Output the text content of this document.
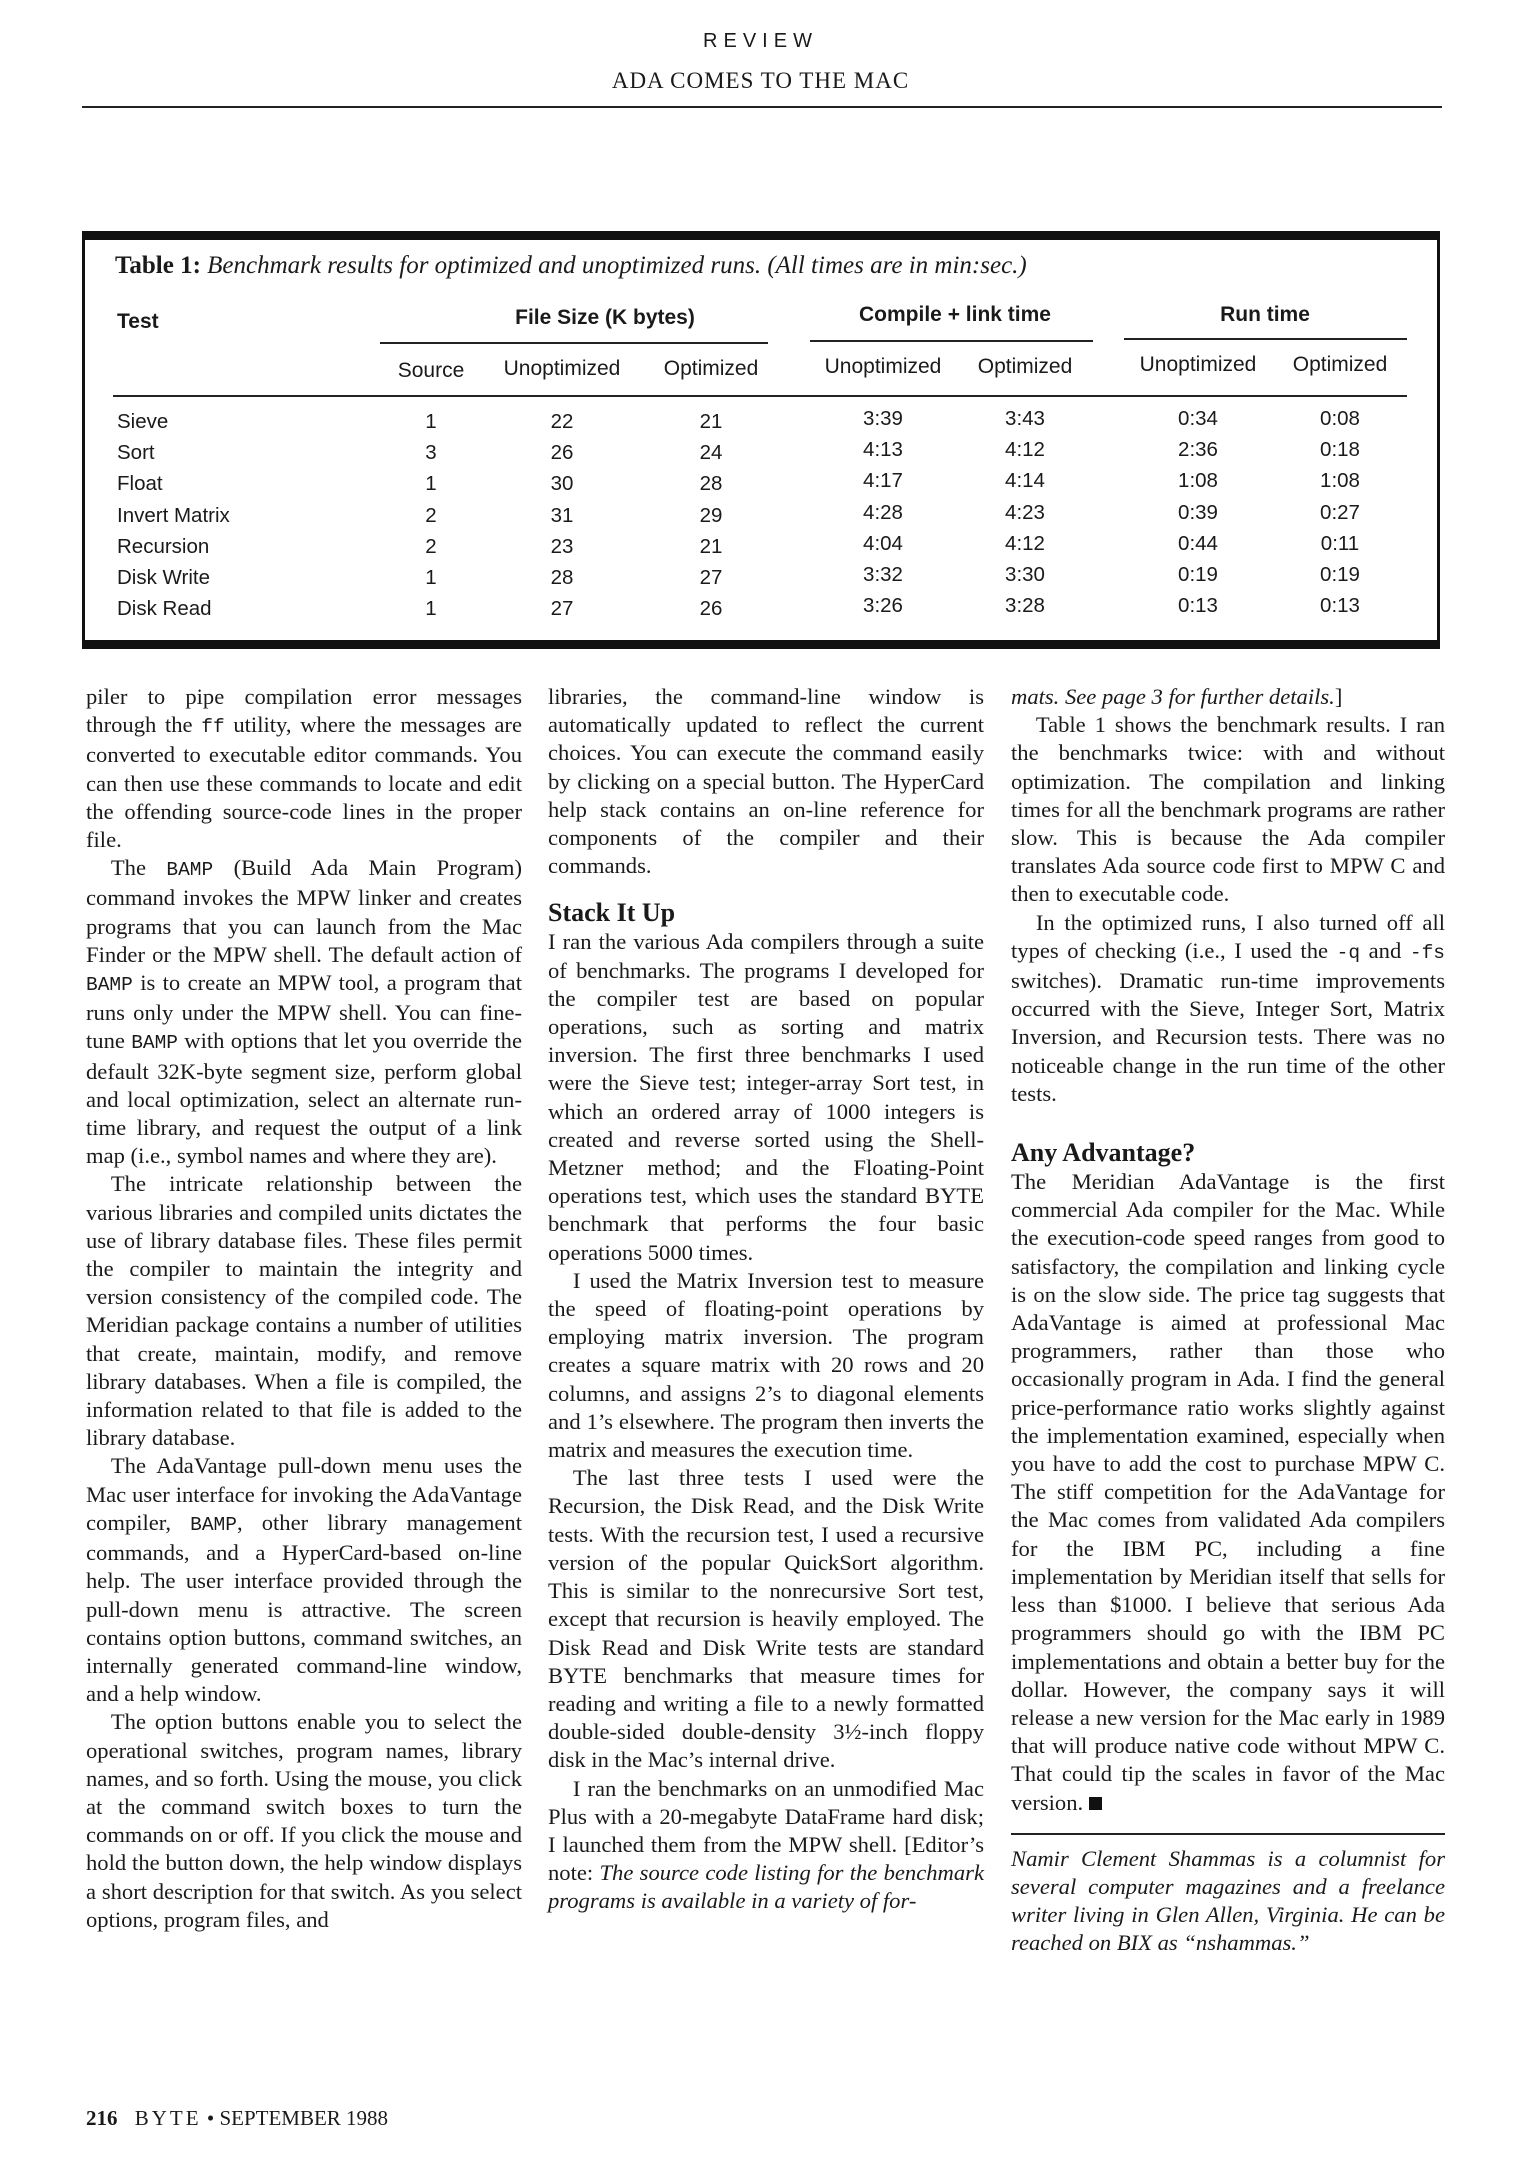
REVIEW
ADA COMES TO THE MAC
Table 1: Benchmark results for optimized and unoptimized runs. (All times are in min:sec.)
Test	File Size (K bytes)	Compile + link time	Run time
Source	Unoptimized	Optimized	Unoptimized	Optimized	Unoptimized	Optimized
Sieve	1	22	21	3:39	3:43	0:34	0:08
Sort	3	26	24	4:13	4:12	2:36	0:18
Float	1	30	28	4:17	4:14	1:08	1:08
Invert Matrix	2	31	29	4:28	4:23	0:39	0:27
Recursion	2	23	21	4:04	4:12	0:44	0:11
Disk Write	1	28	27	3:32	3:30	0:19	0:19
Disk Read	1	27	26	3:26	3:28	0:13	0:13

piler to pipe compilation error messages through the ff utility, where the messages are converted to executable editor commands. You can then use these commands to locate and edit the offending source-code lines in the proper file.

The BAMP (Build Ada Main Program) command invokes the MPW linker and creates programs that you can launch from the Mac Finder or the MPW shell. The default action of BAMP is to create an MPW tool, a program that runs only under the MPW shell. You can fine-tune BAMP with options that let you override the default 32K-byte segment size, perform global and local optimization, select an alternate run-time library, and request the output of a link map (i.e., symbol names and where they are).

The intricate relationship between the various libraries and compiled units dictates the use of library database files. These files permit the compiler to maintain the integrity and version consistency of the compiled code. The Meridian package contains a number of utilities that create, maintain, modify, and remove library databases. When a file is compiled, the information related to that file is added to the library database.

The AdaVantage pull-down menu uses the Mac user interface for invoking the AdaVantage compiler, BAMP, other library management commands, and a HyperCard-based on-line help. The user interface provided through the pull-down menu is attractive. The screen contains option buttons, command switches, an internally generated command-line window, and a help window.

The option buttons enable you to select the operational switches, program names, library names, and so forth. Using the mouse, you click at the command switch boxes to turn the commands on or off. If you click the mouse and hold the button down, the help window displays a short description for that switch. As you select options, program files, and

libraries, the command-line window is automatically updated to reflect the current choices. You can execute the command easily by clicking on a special button. The HyperCard help stack contains an on-line reference for components of the compiler and their commands.

Stack It Up

I ran the various Ada compilers through a suite of benchmarks. The programs I developed for the compiler test are based on popular operations, such as sorting and matrix inversion. The first three benchmarks I used were the Sieve test; integer-array Sort test, in which an ordered array of 1000 integers is created and reverse sorted using the Shell-Metzner method; and the Floating-Point operations test, which uses the standard BYTE benchmark that performs the four basic operations 5000 times.

I used the Matrix Inversion test to measure the speed of floating-point operations by employing matrix inversion. The program creates a square matrix with 20 rows and 20 columns, and assigns 2’s to diagonal elements and 1’s elsewhere. The program then inverts the matrix and measures the execution time.

The last three tests I used were the Recursion, the Disk Read, and the Disk Write tests. With the recursion test, I used a recursive version of the popular QuickSort algorithm. This is similar to the nonrecursive Sort test, except that recursion is heavily employed. The Disk Read and Disk Write tests are standard BYTE benchmarks that measure times for reading and writing a file to a newly formatted double-sided double-density 3½-inch floppy disk in the Mac’s internal drive.

I ran the benchmarks on an unmodified Mac Plus with a 20-megabyte DataFrame hard disk; I launched them from the MPW shell. [Editor’s note: The source code listing for the benchmark programs is available in a variety of for-

mats. See page 3 for further details.]

Table 1 shows the benchmark results. I ran the benchmarks twice: with and without optimization. The compilation and linking times for all the benchmark programs are rather slow. This is because the Ada compiler translates Ada source code first to MPW C and then to executable code.

In the optimized runs, I also turned off all types of checking (i.e., I used the -q and -fs switches). Dramatic run-time improvements occurred with the Sieve, Integer Sort, Matrix Inversion, and Recursion tests. There was no noticeable change in the run time of the other tests.

Any Advantage?

The Meridian AdaVantage is the first commercial Ada compiler for the Mac. While the execution-code speed ranges from good to satisfactory, the compilation and linking cycle is on the slow side. The price tag suggests that AdaVantage is aimed at professional Mac programmers, rather than those who occasionally program in Ada. I find the general price-performance ratio works slightly against the implementation examined, especially when you have to add the cost to purchase MPW C. The stiff competition for the AdaVantage for the Mac comes from validated Ada compilers for the IBM PC, including a fine implementation by Meridian itself that sells for less than $1000. I believe that serious Ada programmers should go with the IBM PC implementations and obtain a better buy for the dollar. However, the company says it will release a new version for the Mac early in 1989 that will produce native code without MPW C. That could tip the scales in favor of the Mac version.

Namir Clement Shammas is a columnist for several computer magazines and a freelance writer living in Glen Allen, Virginia. He can be reached on BIX as “nshammas.”

216 BYTE • SEPTEMBER 1988
